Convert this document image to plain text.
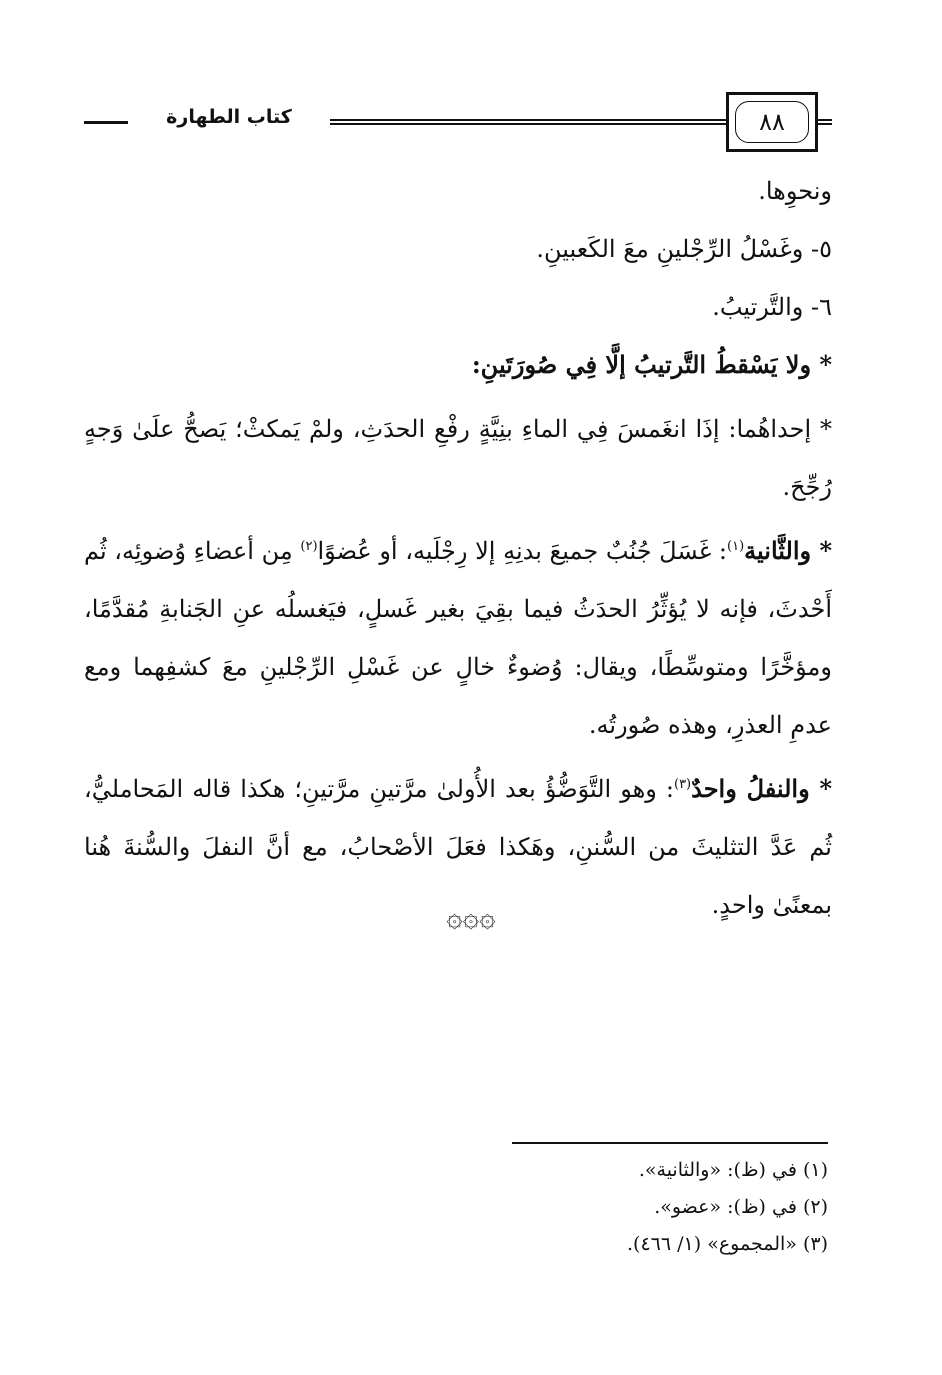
٨٨
كتاب الطهارة

ونحوِها.

٥- وغَسْلُ الرِّجْلينِ معَ الكَعبينِ.

٦- والتَّرتيبُ.

* ولا يَسْقطُ التَّرتيبُ إلَّا فِي صُورَتَينِ:

* إحداهُما: إذَا انغَمسَ فِي الماءِ بنِيَّةٍ رفْعِ الحدَثِ، ولمْ يَمكثْ؛ يَصحُّ علَىٰ وَجهٍ رُجِّحَ.

* والثَّانية$^{(١)}$: غَسَلَ جُنُبٌ جميعَ بدنِهِ إلا رِجْلَيه، أو عُضوًا$^{(٢)}$ مِن أعضاءِ وُضوئِه، ثُم أَحْدثَ، فإنه لا يُؤثِّرُ الحدَثُ فيما بقِيَ بغير غَسلٍ، فيَغسلُه عنِ الجَنابةِ مُقدَّمًا، ومؤخَّرًا ومتوسِّطًا، ويقال: وُضوءٌ خالٍ عن غَسْلِ الرِّجْلينِ معَ كشفِهما ومع عدمِ العذرِ، وهذه صُورتُه.

* والنفلُ واحدٌ$^{(٣)}$: وهو التَّوَضُّؤُ بعد الأُولىٰ مرَّتينِ مرَّتينِ؛ هكذا قاله المَحامليُّ، ثُم عَدَّ التثليثَ من السُّننِ، وهَكذا فعَلَ الأصْحابُ، مع أنَّ النفلَ والسُّنةَ هُنا بمعنًىٰ واحدٍ.

۞۞۞
(١) في (ظ): «والثانية».
(٢) في (ظ): «عضو».
(٣) «المجموع» (١/ ٤٦٦).
